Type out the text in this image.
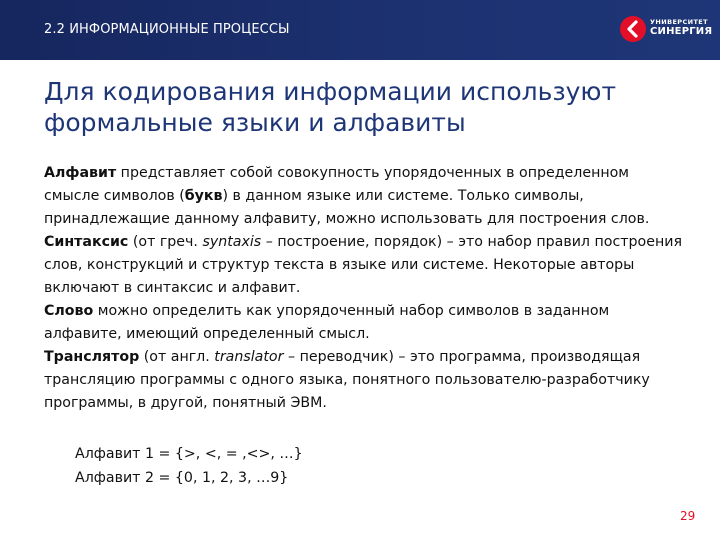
2.2 ИНФОРМАЦИОННЫЕ ПРОЦЕССЫ	УНИВЕРСИТЕТ
СИНЕРГИЯ
Для кодирования информации используют формальные языки и алфавиты

Алфавит представляет собой совокупность упорядоченных в определенном смысле символов (букв) в данном языке или системе. Только символы, принадлежащие данному алфавиту, можно использовать для построения слов.

Синтаксис (от греч. syntaxis – построение, порядок) – это набор правил построения слов, конструкций и структур текста в языке или системе. Некоторые авторы включают в синтаксис и алфавит.

Слово можно определить как упорядоченный набор символов в заданном алфавите, имеющий определенный смысл.

Транслятор (от англ. translator – переводчик) – это программа, производящая трансляцию программы с одного языка, понятного пользователю-разработчику программы, в другой, понятный ЭВМ.

Алфавит 1 = {>, <, = ,<>, …}
Алфавит 2 = {0, 1, 2, 3, …9}
29
